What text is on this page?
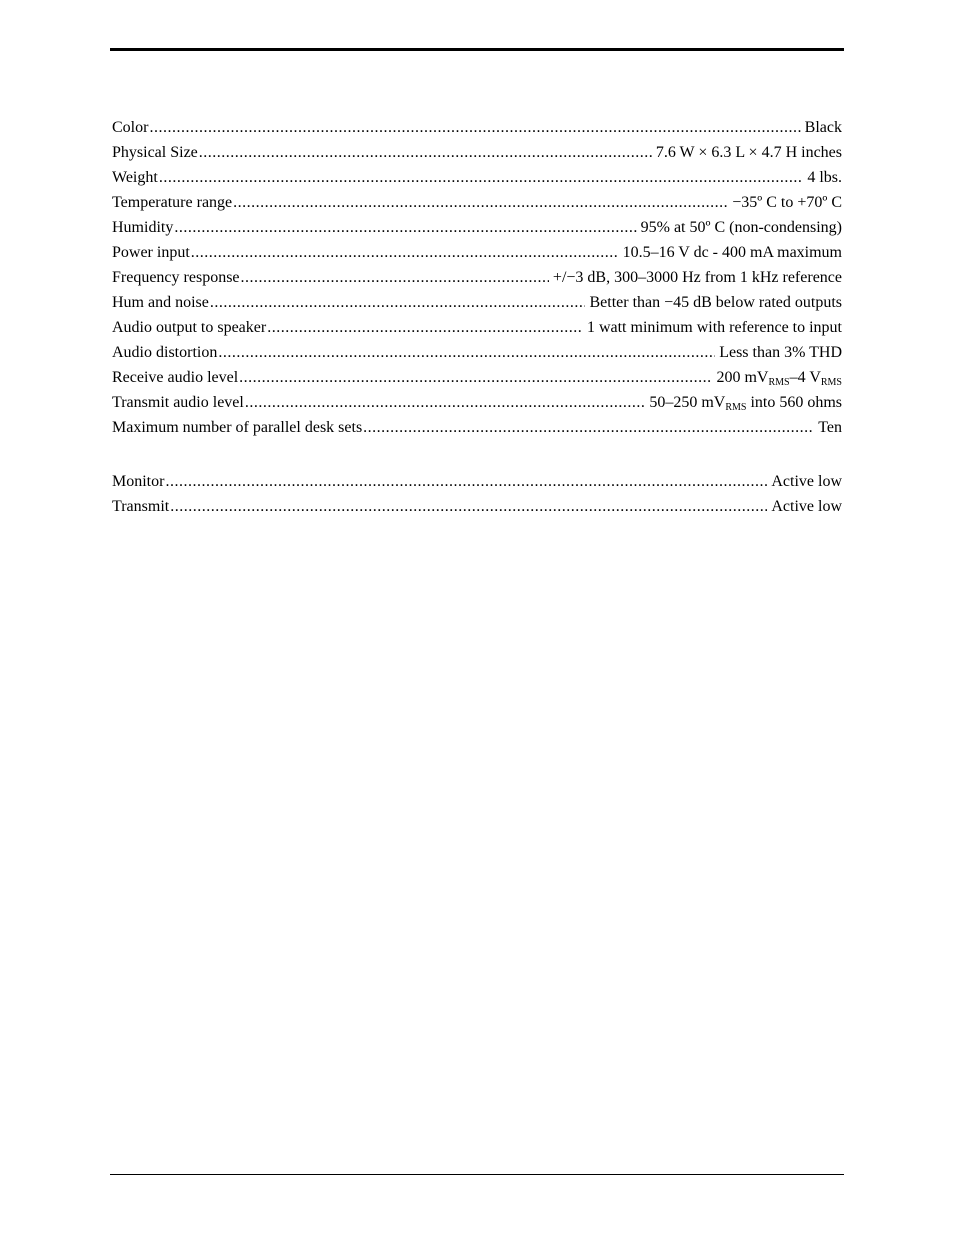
Color .....	Black
Physical Size .....	7.6 W × 6.3 L × 4.7 H inches
Weight .....	4 lbs.
Temperature range .....	−35º C to +70º C
Humidity .....	95% at 50º C (non-condensing)
Power input .....	10.5–16 V dc - 400 mA maximum
Frequency response .....	+/−3 dB, 300–3000 Hz from 1 kHz reference
Hum and noise .....	Better than −45 dB below rated outputs
Audio output to speaker .....	1 watt minimum with reference to input
Audio distortion .....	Less than 3% THD
Receive audio level .....	200 $mV_{RMS}-4$ $V_{RMS}$
Transmit audio level .....	50–250 $mV_{RMS}$ into 560 ohms
Maximum number of parallel desk sets .....	Ten
Monitor .....	Active low
Transmit .....	Active low
